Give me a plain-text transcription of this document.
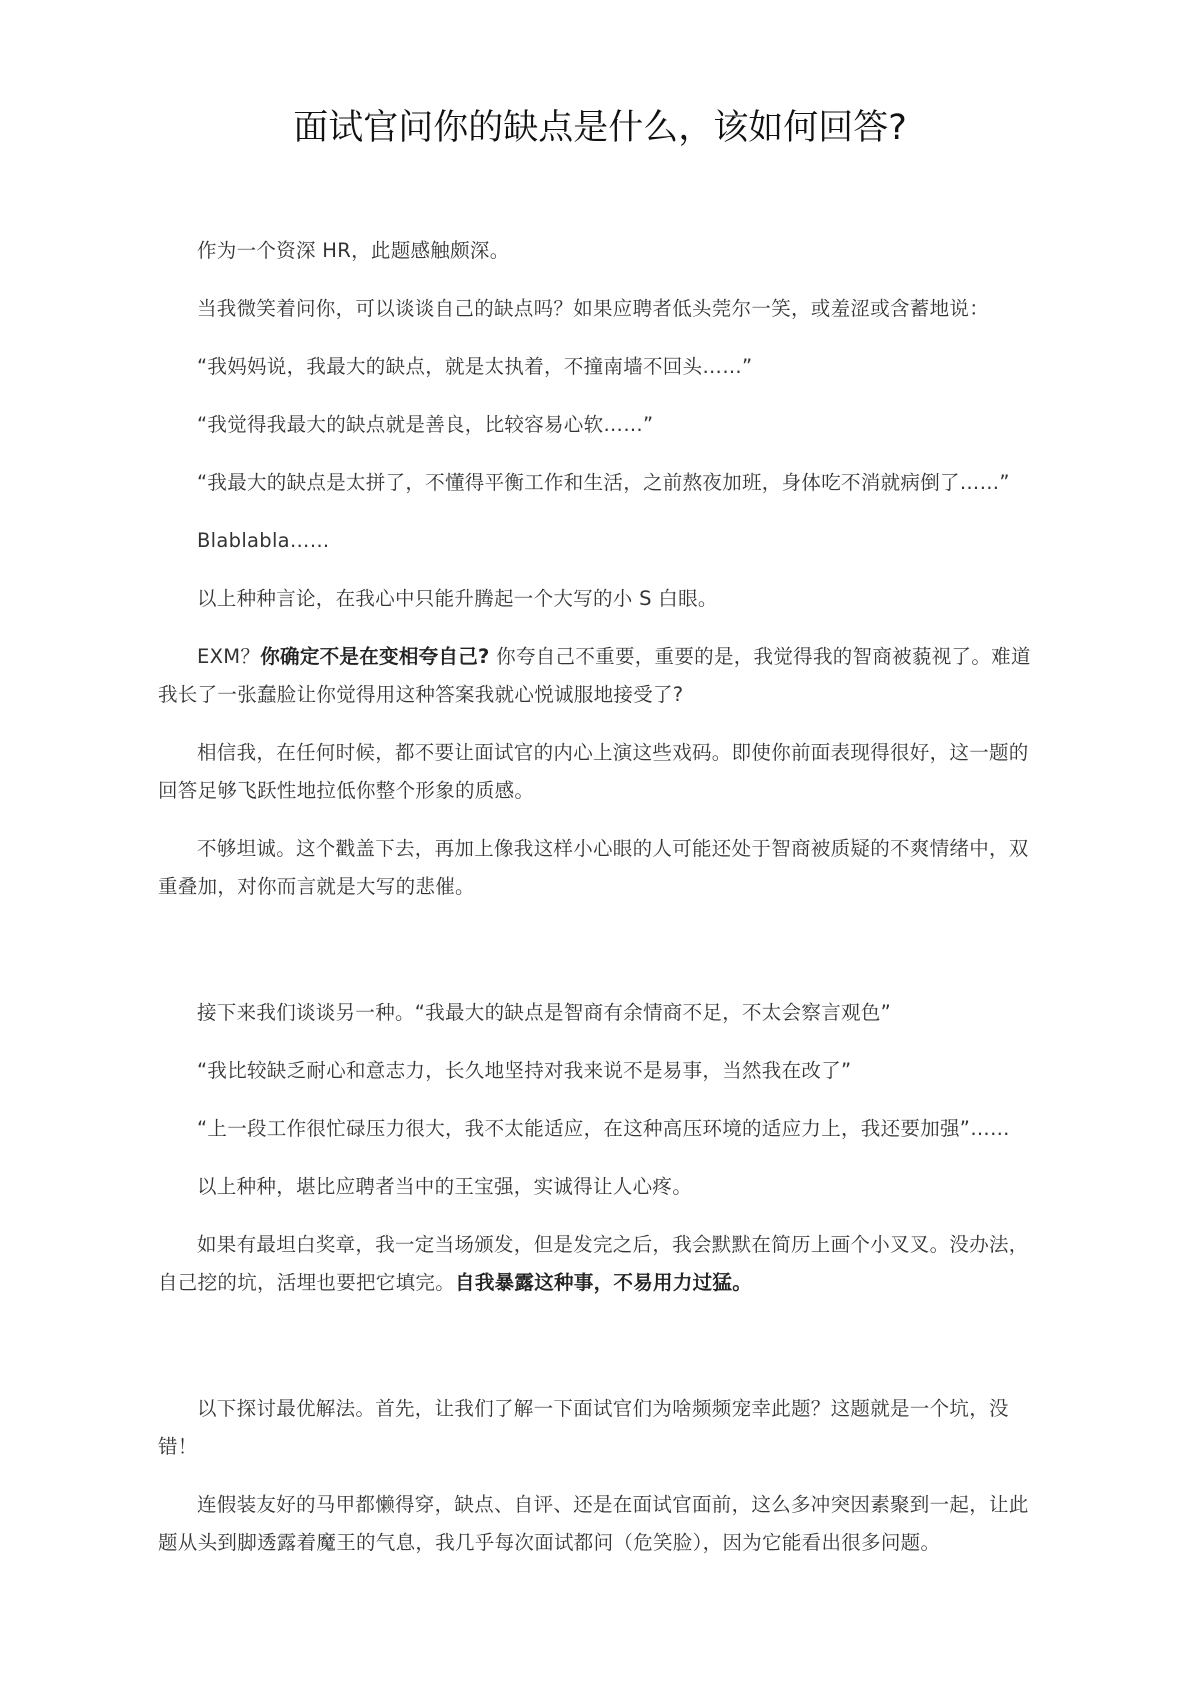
面试官问你的缺点是什么，该如何回答?

作为一个资深 HR，此题感触颇深。

当我微笑着问你，可以谈谈自己的缺点吗？如果应聘者低头莞尔一笑，或羞涩或含蓄地说：

“我妈妈说，我最大的缺点，就是太执着，不撞南墙不回头……”

“我觉得我最大的缺点就是善良，比较容易心软……”

“我最大的缺点是太拼了，不懂得平衡工作和生活，之前熬夜加班，身体吃不消就病倒了……”

Blablabla……

以上种种言论，在我心中只能升腾起一个大写的小 S 白眼。

EXM？你确定不是在变相夸自己? 你夸自己不重要，重要的是，我觉得我的智商被藐视了。难道我长了一张蠢脸让你觉得用这种答案我就心悦诚服地接受了?

相信我，在任何时候，都不要让面试官的内心上演这些戏码。即使你前面表现得很好，这一题的回答足够飞跃性地拉低你整个形象的质感。

不够坦诚。这个戳盖下去，再加上像我这样小心眼的人可能还处于智商被质疑的不爽情绪中，双重叠加，对你而言就是大写的悲催。

接下来我们谈谈另一种。“我最大的缺点是智商有余情商不足，不太会察言观色”

“我比较缺乏耐心和意志力，长久地坚持对我来说不是易事，当然我在改了”

“上一段工作很忙碌压力很大，我不太能适应，在这种高压环境的适应力上，我还要加强”……

以上种种，堪比应聘者当中的王宝强，实诚得让人心疼。

如果有最坦白奖章，我一定当场颁发，但是发完之后，我会默默在简历上画个小叉叉。没办法，自己挖的坑，活埋也要把它填完。自我暴露这种事，不易用力过猛。

以下探讨最优解法。首先，让我们了解一下面试官们为啥频频宠幸此题？这题就是一个坑，没错！

连假装友好的马甲都懒得穿，缺点、自评、还是在面试官面前，这么多冲突因素聚到一起，让此题从头到脚透露着魔王的气息，我几乎每次面试都问（危笑脸），因为它能看出很多问题。
